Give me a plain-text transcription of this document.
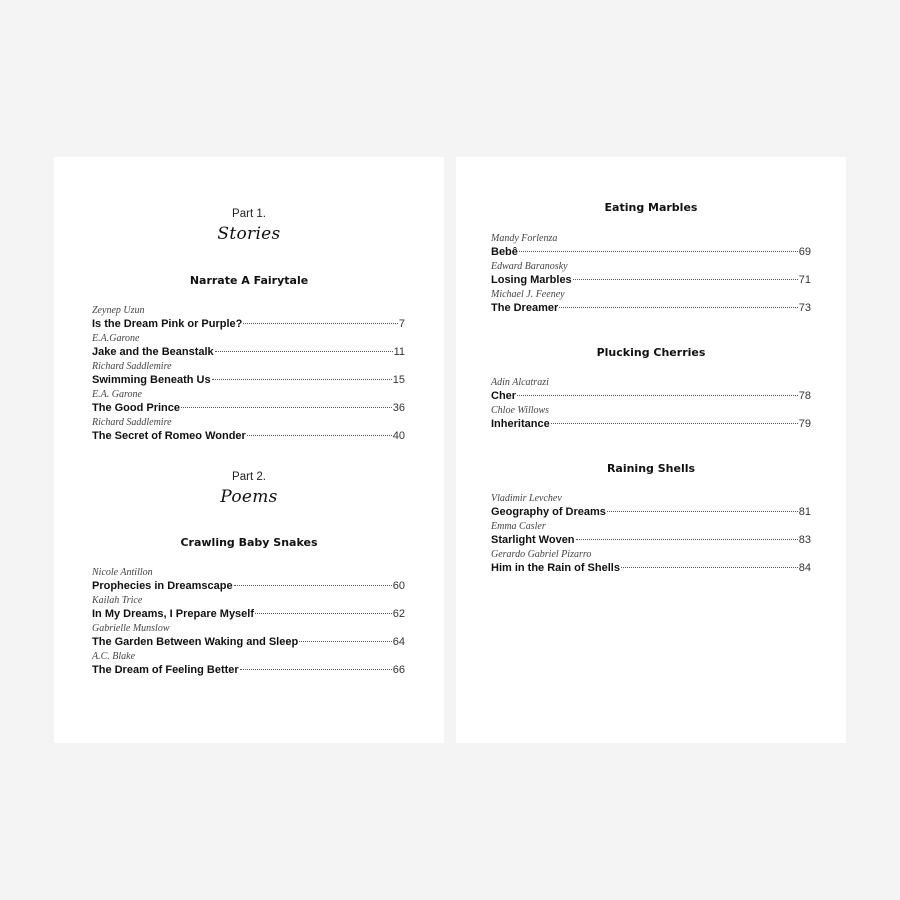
Part 1.
Stories
Narrate A Fairytale
Zeynep Uzun
Is the Dream Pink or Purple?	7
E.A.Garone
Jake and the Beanstalk	11
Richard Saddlemire
Swimming Beneath Us	15
E.A. Garone
The Good Prince	36
Richard Saddlemire
The Secret of Romeo Wonder	40
Part 2.
Poems
Crawling Baby Snakes
Nicole Antillon
Prophecies in Dreamscape	60
Kailah Trice
In My Dreams, I Prepare Myself	62
Gabrielle Munslow
The Garden Between Waking and Sleep	64
A.C. Blake
The Dream of Feeling Better	66
Eating Marbles
Mandy Forlenza
Bebê	69
Edward Baranosky
Losing Marbles	71
Michael J. Feeney
The Dreamer	73
Plucking Cherries
Adin Alcatrazi
Cher	78
Chloe Willows
Inheritance	79
Raining Shells
Vladimir Levchev
Geography of Dreams	81
Emma Casler
Starlight Woven	83
Gerardo Gabriel Pizarro
Him in the Rain of Shells	84
